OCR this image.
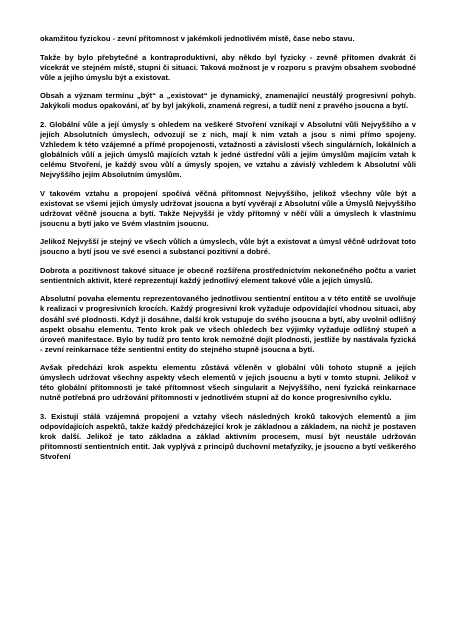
okamžitou fyzickou - zevní přítomnost v jakémkoli jednotlivém místě, čase nebo stavu.

Takže by bylo přebytečné a kontraproduktivní, aby někdo byl fyzicky - zevně přítomen dvakrát či vícekrát ve stejném místě, stupni či situaci. Taková možnost je v rozporu s pravým obsahem svobodné vůle a jejího úmyslu být a existovat.

Obsah a význam termínu „být“ a „existovat“ je dynamický, znamenající neustálý progresivní pohyb. Jakýkoli modus opakování, ať by byl jakýkoli, znamená regresi, a tudíž není z pravého jsoucna a bytí.

2. Globální vůle a její úmysly s ohledem na veškeré Stvoření vznikají v Absolutní vůli Nejvyššího a v jejích Absolutních úmyslech, odvozují se z nich, mají k nim vztah a jsou s nimi přímo spojeny. Vzhledem k této vzájemné a přímé propojenosti, vztažnosti a závislosti všech singulárních, lokálních a globálních vůlí a jejich úmyslů majících vztah k jedné ústřední vůli a jejím úmyslům majícím vztah k celému Stvoření, je každý svou vůlí a úmysly spojen, ve vztahu a závislý vzhledem k Absolutní vůli Nejvyššího jejím Absolutním úmyslům.

V takovém vztahu a propojení spočívá věčná přítomnost Nejvyššího, jelikož všechny vůle být a existovat se všemi jejich úmysly udržovat jsoucna a bytí vyvěrají z Absolutní vůle a Úmyslů Nejvyššího udržovat věčně jsoucna a bytí. Takže Nejvyšší je vždy přítomný v něčí vůli a úmyslech k vlastnímu jsoucnu a bytí jako ve Svém vlastním jsoucnu.

Jelikož Nejvyšší je stejný ve všech vůlích a úmyslech, vůle být a existovat a úmysl věčně udržovat toto jsoucno a bytí jsou ve své esenci a substanci pozitivní a dobré.

Dobrota a pozitivnost takové situace je obecně rozšířena prostřednictvím nekonečného počtu a variet sentientních aktivit, které reprezentují každý jednotlivý element takové vůle a jejích úmyslů.

Absolutní povaha elementu reprezentovaného jednotlivou sentientní entitou a v této entitě se uvolňuje k realizaci v progresivních krocích. Každý progresivní krok vyžaduje odpovídající vhodnou situaci, aby dosáhl své plodnosti. Když ji dosáhne, další krok vstupuje do svého jsoucna a bytí, aby uvolnil odlišný aspekt obsahu elementu. Tento krok pak ve všech ohledech bez výjimky vyžaduje odlišný stupeň a úroveň manifestace. Bylo by tudíž pro tento krok nemožné dojít plodnosti, jestliže by nastávala fyzická - zevní reinkarnace téže sentientní entity do stejného stupně jsoucna a bytí.

Avšak předcházi krok aspektu elementu zůstává včleněn v globální vůli tohoto stupně a jejích úmyslech udržovat všechny aspekty všech elementů v jejich jsoucnu a bytí v tomto stupni. Jelikož v této globální přítomnosti je také přítomnost všech singularit a Nejvyššího, není fyzická reinkarnace nutně potřebná pro udržování přítomnosti v jednotlivém stupni až do konce progresivního cyklu.

3. Existují stálá vzájemná propojení a vztahy všech následných kroků takových elementů a jim odpovídajících aspektů, takže každý předcházející krok je základnou a základem, na nichž je postaven krok další. Jelikož je tato základna a základ aktivním procesem, musí být neustále udržován přítomností sentientních entit. Jak vyplývá z principů duchovní metafyziky, je jsoucno a bytí veškerého Stvoření
